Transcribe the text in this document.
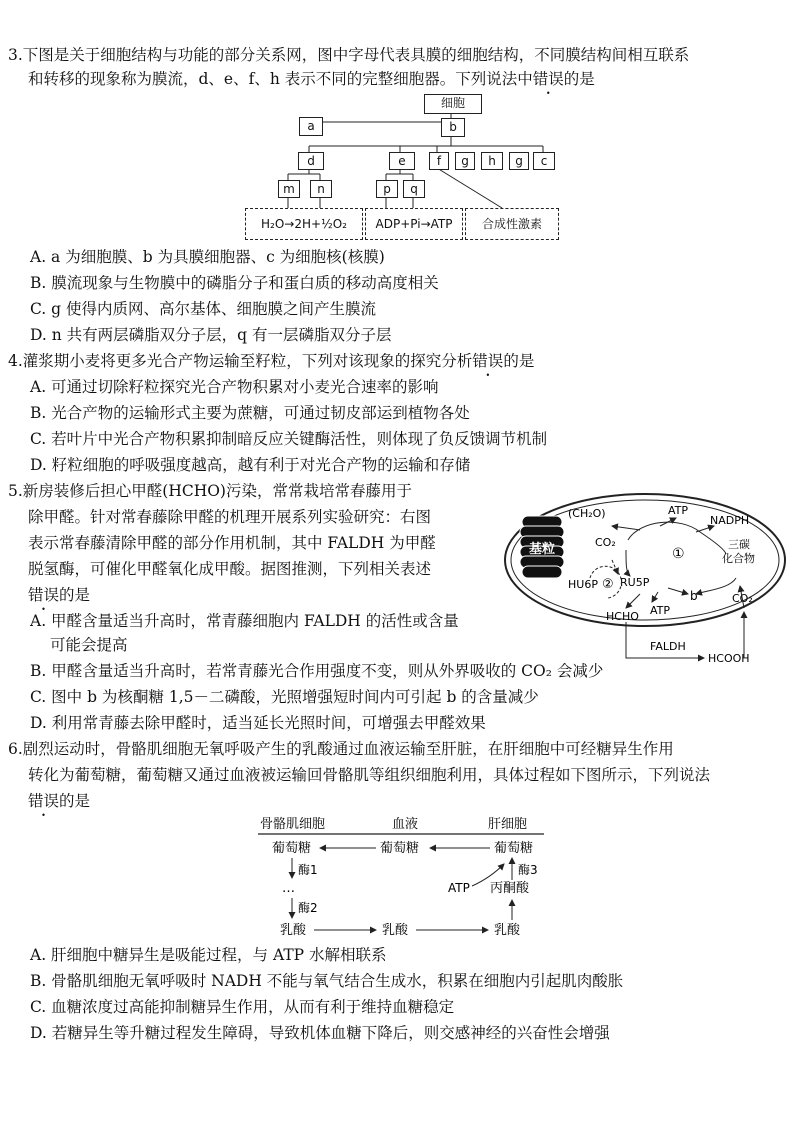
3.下图是关于细胞结构与功能的部分关系网，图中字母代表具膜的细胞结构，不同膜结构间相互联系
和转移的现象称为膜流，d、e、f、h 表示不同的完整细胞器。下列说法中错误的是
细胞
a	b
d	e	f	g	h	g	c
m	n	p	q
H₂O→2H+½O₂	ADP+Pi→ATP	合成性激素
A. a 为细胞膜、b 为具膜细胞器、c 为细胞核(核膜)
B. 膜流现象与生物膜中的磷脂分子和蛋白质的移动高度相关
C. g 使得内质网、高尔基体、细胞膜之间产生膜流
D. n 共有两层磷脂双分子层，q 有一层磷脂双分子层
4.灌浆期小麦将更多光合产物运输至籽粒，下列对该现象的探究分析错误的是
A. 可通过切除籽粒探究光合产物积累对小麦光合速率的影响
B. 光合产物的运输形式主要为蔗糖，可通过韧皮部运到植物各处
C. 若叶片中光合产物积累抑制暗反应关键酶活性，则体现了负反馈调节机制
D. 籽粒细胞的呼吸强度越高，越有利于对光合产物的运输和存储
5.新房装修后担心甲醛(HCHO)污染，常常栽培常春藤用于
除甲醛。针对常春藤除甲醛的机理开展系列实验研究：右图
表示常春藤清除甲醛的部分作用机制，其中 FALDH 为甲醛
脱氢酶，可催化甲醛氧化成甲酸。据图推测，下列相关表述
错误的是
A. 甲醛含量适当升高时，常青藤细胞内 FALDH 的活性或含量
可能会提高
基粒
(CH₂O)	ATP
NADPH
CO₂
①
三碳
化合物
HU6P ② RU5P
ATP
b	CO₂
HCHO
FALDH
HCOOH
B. 甲醛含量适当升高时，若常青藤光合作用强度不变，则从外界吸收的 CO₂ 会减少
C. 图中 b 为核酮糖 1,5－二磷酸，光照增强短时间内可引起 b 的含量减少
D. 利用常青藤去除甲醛时，适当延长光照时间，可增强去甲醛效果
6.剧烈运动时，骨骼肌细胞无氧呼吸产生的乳酸通过血液运输至肝脏，在肝细胞中可经糖异生作用
转化为葡萄糖，葡萄糖又通过血液被运输回骨骼肌等组织细胞利用，具体过程如下图所示，下列说法
错误的是
骨骼肌细胞	血液	肝细胞
葡萄糖	葡萄糖	葡萄糖
酶1
…
酶2
酶3
ATP 丙酮酸
乳酸	乳酸	乳酸
A. 肝细胞中糖异生是吸能过程，与 ATP 水解相联系
B. 骨骼肌细胞无氧呼吸时 NADH 不能与氧气结合生成水，积累在细胞内引起肌肉酸胀
C. 血糖浓度过高能抑制糖异生作用，从而有利于维持血糖稳定
D. 若糖异生等升糖过程发生障碍，导致机体血糖下降后，则交感神经的兴奋性会增强
